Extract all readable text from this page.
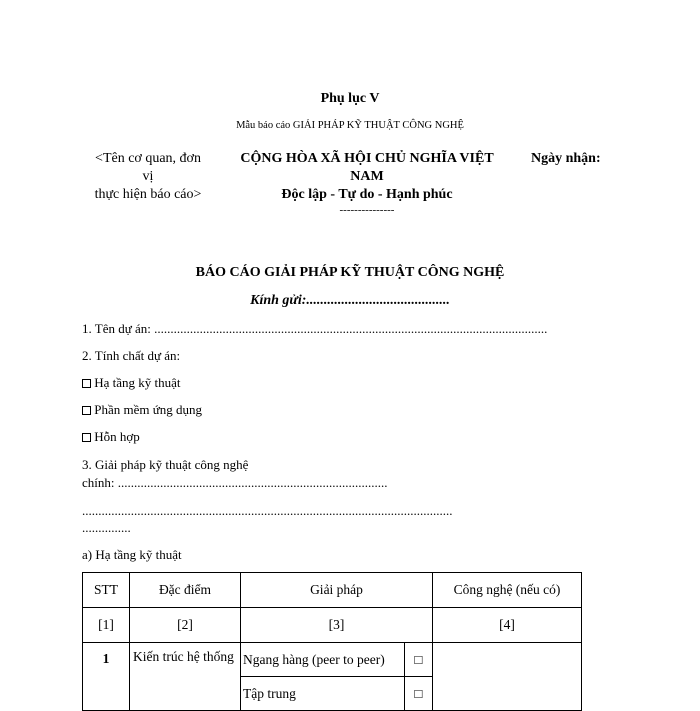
Phụ lục V
Mẫu báo cáo GIẢI PHÁP KỸ THUẬT CÔNG NGHỆ
<Tên cơ quan, đơn
vị
thực hiện báo cáo>
CỘNG HÒA XÃ HỘI CHỦ NGHĨA VIỆT
NAM
Độc lập - Tự do - Hạnh phúc
---------------
Ngày nhận:
BÁO CÁO GIẢI PHÁP KỸ THUẬT CÔNG NGHỆ
Kính gửi:.........................................
1. Tên dự án: .........................................................................................................................
2. Tính chất dự án:
Hạ tầng kỹ thuật
Phần mềm ứng dụng
Hỗn hợp
3. Giải pháp kỹ thuật công nghệ
chính: ...................................................................................
..................................................................................................................
...............
a) Hạ tầng kỹ thuật
STT	Đặc điểm	Giải pháp		Công nghệ (nếu có)
[1]	[2]	[3]		[4]
1	Kiến trúc hệ thống	Ngang hàng (peer to peer)	□	
		Tập trung	□	
